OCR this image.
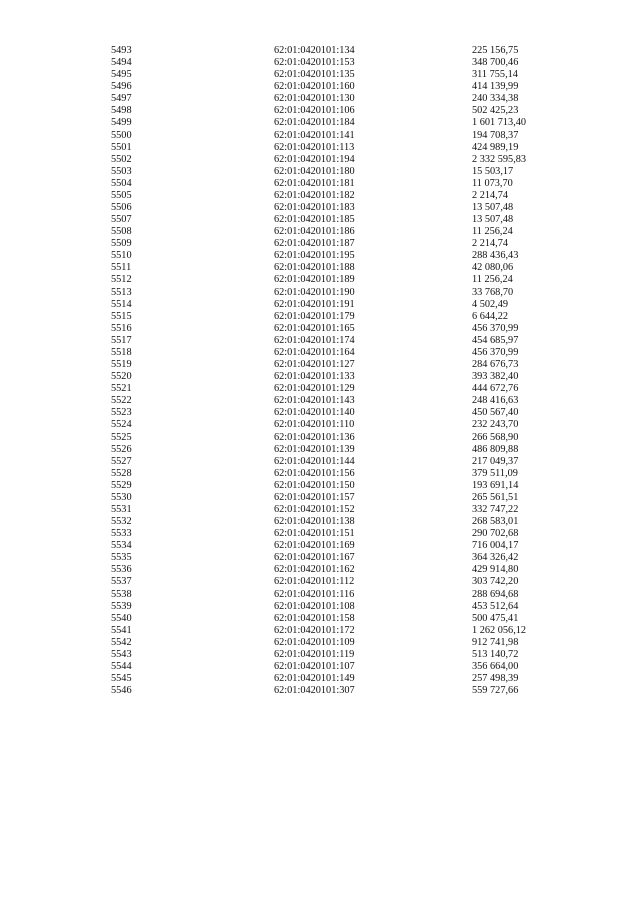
5493	62:01:0420101:134	225 156,75
5494	62:01:0420101:153	348 700,46
5495	62:01:0420101:135	311 755,14
5496	62:01:0420101:160	414 139,99
5497	62:01:0420101:130	240 334,38
5498	62:01:0420101:106	502 425,23
5499	62:01:0420101:184	1 601 713,40
5500	62:01:0420101:141	194 708,37
5501	62:01:0420101:113	424 989,19
5502	62:01:0420101:194	2 332 595,83
5503	62:01:0420101:180	15 503,17
5504	62:01:0420101:181	11 073,70
5505	62:01:0420101:182	2 214,74
5506	62:01:0420101:183	13 507,48
5507	62:01:0420101:185	13 507,48
5508	62:01:0420101:186	11 256,24
5509	62:01:0420101:187	2 214,74
5510	62:01:0420101:195	288 436,43
5511	62:01:0420101:188	42 080,06
5512	62:01:0420101:189	11 256,24
5513	62:01:0420101:190	33 768,70
5514	62:01:0420101:191	4 502,49
5515	62:01:0420101:179	6 644,22
5516	62:01:0420101:165	456 370,99
5517	62:01:0420101:174	454 685,97
5518	62:01:0420101:164	456 370,99
5519	62:01:0420101:127	284 676,73
5520	62:01:0420101:133	393 382,40
5521	62:01:0420101:129	444 672,76
5522	62:01:0420101:143	248 416,63
5523	62:01:0420101:140	450 567,40
5524	62:01:0420101:110	232 243,70
5525	62:01:0420101:136	266 568,90
5526	62:01:0420101:139	486 809,88
5527	62:01:0420101:144	217 049,37
5528	62:01:0420101:156	379 511,09
5529	62:01:0420101:150	193 691,14
5530	62:01:0420101:157	265 561,51
5531	62:01:0420101:152	332 747,22
5532	62:01:0420101:138	268 583,01
5533	62:01:0420101:151	290 702,68
5534	62:01:0420101:169	716 004,17
5535	62:01:0420101:167	364 326,42
5536	62:01:0420101:162	429 914,80
5537	62:01:0420101:112	303 742,20
5538	62:01:0420101:116	288 694,68
5539	62:01:0420101:108	453 512,64
5540	62:01:0420101:158	500 475,41
5541	62:01:0420101:172	1 262 056,12
5542	62:01:0420101:109	912 741,98
5543	62:01:0420101:119	513 140,72
5544	62:01:0420101:107	356 664,00
5545	62:01:0420101:149	257 498,39
5546	62:01:0420101:307	559 727,66
